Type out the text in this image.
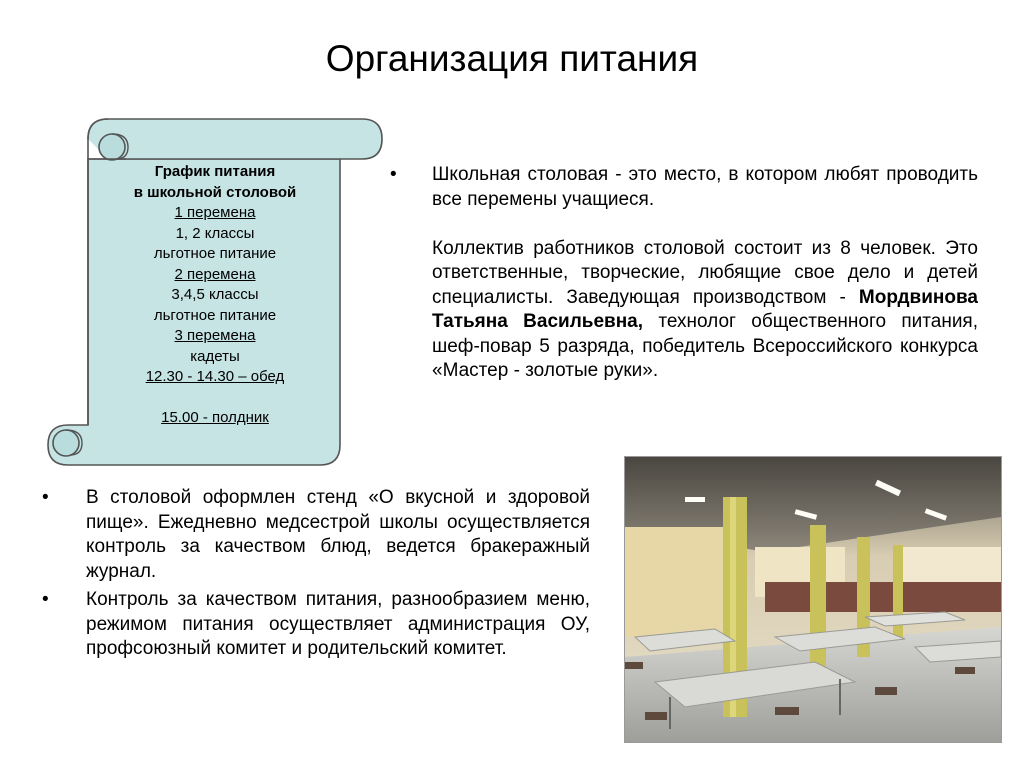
Организация питания
График питания
в школьной столовой
1 перемена
1, 2 классы
льготное питание
2 перемена
3,4,5 классы
льготное питание
3 перемена
кадеты
12.30 - 14.30 – обед
15.00 - полдник
• Школьная столовая - это место, в котором любят проводить все перемены учащиеся.

Коллектив работников столовой состоит из 8 человек. Это ответственные, творческие, любящие свое дело и детей специалисты. Заведующая производством - Мордвинова Татьяна Васильевна, технолог общественного питания, шеф-повар 5 разряда, победитель Всероссийского конкурса «Мастер - золотые руки».

• В столовой оформлен стенд «О вкусной и здоровой пище». Ежедневно медсестрой школы осуществляется контроль за качеством блюд, ведется бракеражный журнал.
• Контроль за качеством питания, разнообразием меню, режимом питания осуществляет администрация ОУ, профсоюзный комитет и родительский комитет.
